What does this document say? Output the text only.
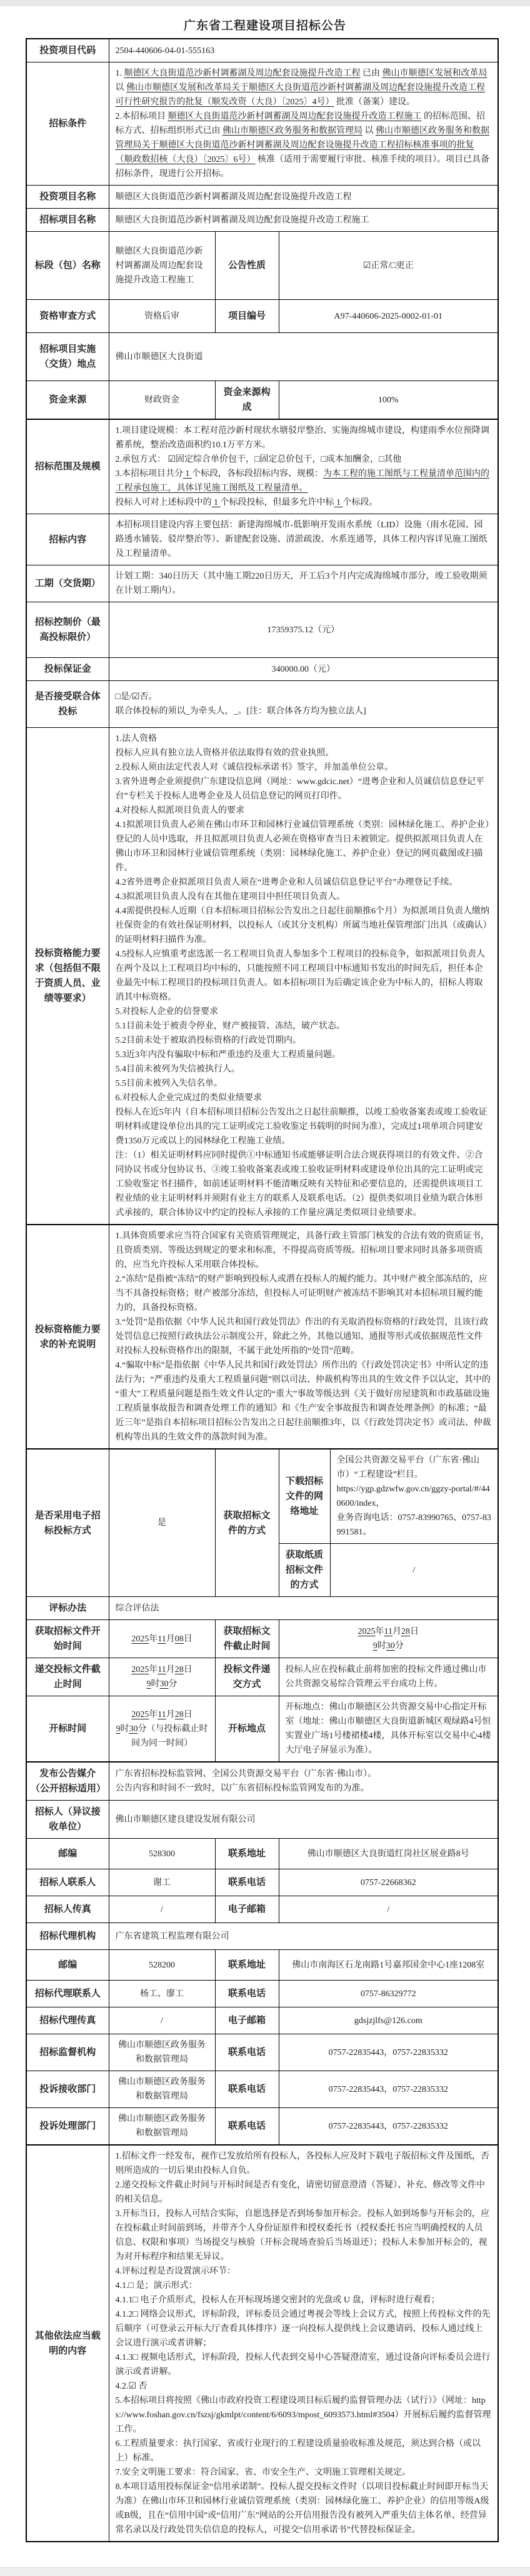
广东省工程建设项目招标公告
投资项目代码	2504-440606-04-01-555163			
招标条件	1. 顺德区大良街道范沙新村调蓄湖及周边配套设施提升改造工程 已由 佛山市顺德区发展和改革局 以 佛山市顺德区发展和改革局关于顺德区大良街道范沙新村调蓄湖及周边配套设施提升改造工程可行性研究报告的批复（顺发改资（大良）〔2025〕4号） 批准（备案）建设。
2.本招标项目 顺德区大良街道范沙新村调蓄湖及周边配套设施提升改造工程施工 的招标范围、招标方式、招标组织形式已由 佛山市顺德区政务服务和数据管理局 以 佛山市顺德区政务服务和数据管理局关于顺德区大良街道范沙新村调蓄湖及周边配套设施提升改造工程招标核准事项的批复（顺政数招核（大良）〔2025〕6号） 核准（适用于需要履行审批、核准手续的项目）。项目已具备招标条件，现进行公开招标。			

投资项目名称	顺德区大良街道范沙新村调蓄湖及周边配套设施提升改造工程			
招标项目名称	顺德区大良街道范沙新村调蓄湖及周边配套设施提升改造工程施工			
标段（包）名称	顺德区大良街道范沙新村调蓄湖及周边配套设施提升改造工程施工	公告性质	☑正常/□更正	
资格审查方式	资格后审	项目编号	A97-440606-2025-0002-01-01	
招标项目实施（交货）地点	佛山市顺德区大良街道			
资金来源	财政资金	资金来源构成	100%	
招标范围及规模	1.项目建设规模：本工程对范沙新村现状水塘驳岸整治、实施海绵城市建设，构建雨季水位预降调蓄系统，整治改造面积约10.1万平方米。
2.承包方式： ☑固定综合单价包干，□固定总价包干，□成本加酬金，□其他
3.本招标项目共分 1 个标段，各标段招标内容、规模：为本工程的施工图纸与工程量清单范围内的工程承包施工，具体详见施工图纸及工程量清单。
投标人可对上述标段中的 1 个标段投标，但最多允许中标 1 个标段。			

招标内容	本招标项目建设内容主要包括：新建海绵城市-低影响开发雨水系统（LID）设施（雨水花园、园路透水铺装、驳岸整治等）、新建配套设施、清淤疏浚、水系连通等，具体工程内容详见施工图纸及工程量清单。			
工期（交货期）	计划工期：340日历天（其中施工期220日历天，开工后3个月内完成海绵城市部分，竣工验收期须在计划工期内）。			
招标控制价（最高投标限价）	17359375.12（元）			
投标保证金	340000.00（元）			
是否接受联合体投标	□是/☑否。
联合体投标的须以_为牵头人，_。[注：联合体各方均为独立法人]			

投标资格能力要求（包括但不限于资质人员、业绩等要求）	
1.法人资格
投标人应具有独立法人资格并依法取得有效的营业执照。
2.投标人须由法定代表人对《诚信投标承诺书》签字，并加盖单位公章。
3.省外进粤企业须提供广东建设信息网（网址：www.gdcic.net）“进粤企业和人员诚信信息登记平台”专栏关于投标人进粤企业及人员信息登记的网页打印件。
4.对投标人拟派项目负责人的要求
4.1拟派项目负责人必须在佛山市环卫和园林行业诚信管理系统（类别：园林绿化施工、养护企业）登记的人员中选取，并且拟派项目负责人必须在资格审查当日未被锁定。提供拟派项目负责人在佛山市环卫和园林行业诚信管理系统（类别：园林绿化施工、养护企业）登记的网页截图或扫描件。
4.2省外进粤企业拟派项目负责人须在“进粤企业和人员诚信信息登记平台”办理登记手续。
4.3拟派项目负责人没有在其他在建项目中担任项目负责人。
4.4需提供投标人近期（自本招标项目招标公告发出之日起往前顺推6个月）为拟派项目负责人缴纳社保资金的有效社保证明材料，以投标人（或其分支机构）所属当地社保管理部门出具（或确认）的证明材料扫描件为准。
4.5投标人应慎重考虑选派一名工程项目负责人参加多个工程项目的投标竞争，如拟派项目负责人在两个及以上工程项目均中标的，只能按照不同工程项目中标通知书发出的时间先后，担任本企业最先中标工程项目的投标项目负责人。如本招标项目为后确定该企业为中标人的，招标人将取消其中标资格。
5.对投标人企业的信誉要求
5.1目前未处于被责令停业，财产被接管、冻结，破产状态。
5.2目前未处于被取消投标资格的行政处罚期内。
5.3近3年内没有骗取中标和严重违约及重大工程质量问题。
5.4目前未被列为失信被执行人。
5.5目前未被列入失信名单。
6.对投标人企业完成过的类似业绩要求
投标人在近5年内（自本招标项目招标公告发出之日起往前顺推，以竣工验收备案表或竣工验收证明材料或建设单位出具的完工证明或完工验收鉴定书载明的时间为准），完成过1项单项合同建安费1350万元或以上的园林绿化工程施工业绩。
注：（1）相关证明材料应同时提供①中标通知书或能够证明合法合规获得项目的有效文件、②合同协议书或分包协议书、③竣工验收备案表或竣工验收证明材料或建设单位出具的完工证明或完工验收鉴定书扫描件，如前述证明材料不能清晰反映有关特征和必要信息的，还需提供该项目工程业绩的业主证明材料并须附有业主方的联系人及联系电话。（2）提供类似项目业绩为联合体形式承接的，联合体协议中约定的投标人承接的工作量应满足类似项目业绩要求。

投标资格能力要求的补充说明	1.具体资质要求应当符合国家有关资质管理规定，具备行政主管部门核发的合法有效的资质证书，且资质类别、等级达到规定的要求和标准，不得提高资质等级。招标项目要求同时具备多项资质的，应当允许投标人采用联合体投标。
2.“冻结”是指被“冻结”的财产影响到投标人或潜在投标人的履约能力。其中财产被全部冻结的，应当不具备投标资格；财产被部分冻结，但投标人可证明财产被冻结不影响其对本招标项目履约能力的，具备投标资格。
3.“处罚”是指依据《中华人民共和国行政处罚法》作出的有关取消投标资格的行政处罚，且该行政处罚信息已按照行政执法公示制度公开，除此之外，其他以通知、通报等形式或依据规范性文件对投标人投标资格作出的限制，不属于此处所指的“处罚”范畴。
4.“骗取中标”是指依据《中华人民共和国行政处罚法》所作出的《行政处罚决定书》中所认定的违法行为；“严重违约及重大工程质量问题”则以司法、仲裁机构等出具的生效文件予以认定，其中的“重大”工程质量问题是指生效文件认定的“重大”事故等级达到《关于做好房屋建筑和市政基础设施工程质量事故报告和调查处理工作的通知》和《生产安全事故报告和调查处理条例》的标准；“最近三年”是指自本招标项目招标公告发出之日起往前顺推3年，以《行政处罚决定书》或司法、仲裁机构等出具的生效文件的落款时间为准。			

是否采用电子招标投标方式	是	获取招标文件的方式	下载招标文件的网络地址	全国公共资源交易平台（广东省·佛山市）“工程建设”栏目。
https://ygp.gdzwfw.gov.cn/ggzy-portal/#/440600/index，
业务咨询电话：0757-83990765、0757-83991581。

			获取纸质招标文件的方式	/
评标办法	综合评估法			
获取招标文件开始时间	2025年11月08日	获取招标文件截止时间	2025年11月28日
9时30分	
递交投标文件截止时间	2025年11月28日
9时30分	投标文件递交方式	投标人应在投标截止前将加密的投标文件通过佛山市公共资源交易综合管理云平台成功上传。	
开标时间	2025年11月28日
9时30分（与投标截止时间为同一时间）	开标地点	开标地点：佛山市顺德区公共资源交易中心指定开标室（地址：佛山市顺德区大良街道新城区观绿路4号恒实置业广场1号楼裙楼4楼，具体开标室以交易中心4楼大厅电子屏显示为准）。	
发布公告媒介（公开招标适用）	广东省招标投标监管网、全国公共资源交易平台（广东省·佛山市）。
公告内容和时间不一致时，以广东省招标投标监管网发布的为准。			

招标人（异议接收单位）	佛山市顺德区建良建设发展有限公司			
邮编	528300	联系地址	佛山市顺德区大良街道红岗社区展业路8号	
招标人联系人	谢工	联系电话	0757-22668362	
招标人传真	/	电子邮箱	/	
招标代理机构	广东省建筑工程监理有限公司			
邮编	528200	联系地址	佛山市南海区石龙南路1号嘉邦国金中心1座1208室	
招标代理联系人	杨工、廖工	联系电话	0757-86329772	
招标代理传真	/	电子邮箱	gdsjzjlfs@126.com	
招标监督机构	佛山市顺德区政务服务和数据管理局	联系电话	0757-22835443，0757-22835332	
投诉接收部门	佛山市顺德区政务服务和数据管理局	联系电话	0757-22835443，0757-22835332	
投诉处理部门	佛山市顺德区政务服务和数据管理局	联系电话	0757-22835443，0757-22835332	
其他依法应当载明的内容	
1.招标文件一经发布，视作已发放给所有投标人，各投标人应及时下载电子版招标文件及图纸，否则所造成的一切后果由投标人自负。
2.递交投标文件截止时间与开标时间是否有变化，请密切留意澄清（答疑）、补充、修改等文件中的相关信息。
3.开标当日，投标人可结合实际，自愿选择是否到场参加开标会。投标人如到场参与开标会的，应在投标截止时间前到场，并带齐个人身份证原件和授权委托书（授权委托书应当明确授权的人员信息、权限和事项）当场提交与核验（开标会现场查验后当场退还）；投标人未参加开标会的，视为对开标程序和结果无异议。
4.评标过程是否设置演示环节：
4.1.□ 是；演示形式：
4.1.1□ 电子介质形式，投标人在开标现场递交密封的光盘或 U 盘，评标时进行观看；
4.1.2□ 网络会议形式，评标阶段，评标委员会通过粤视会等线上会议方式，按照上传投标文件的先后顺序（可登录云开标大厅查看具体排序）逐一向投标人提供线上会议邀请码，投标人通过线上会议进行演示或者讲解；
4.1.3□ 视频电话形式，评标阶段，投标人代表到交易中心答疑澄清室，通过设备向评标委员会进行演示或者讲解。
4.2.☑ 否
5.本招标项目将按照《佛山市政府投资工程建设项目标后履约监督管理办法（试行）》（网址：https://www.foshan.gov.cn/fszsj/gkmlpt/content/6/6093/mpost_6093573.html#3504）开展标后履约监督管理工作。
6.工程质量要求：执行国家、省或行业现行的工程建设质量验收标准及规范，须达到合格（或以上）标准。
7.安全文明施工要求：符合国家、省、市安全生产、文明施工管理相关规定。
8.本项目适用投标保证金“信用承诺制”。投标人提交投标文件时（以项目投标截止时间即开标当天为准）在佛山市环卫和园林行业诚信管理系统（类别：园林绿化施工、养护企业）的信用等级A级或B级，且在“信用中国”或“信用广东”网站的公开信用报告没有被列入严重失信主体名单、经营异常名录以及行政处罚失信信息的投标人，可提交“信用承诺书”代替投标保证金。
